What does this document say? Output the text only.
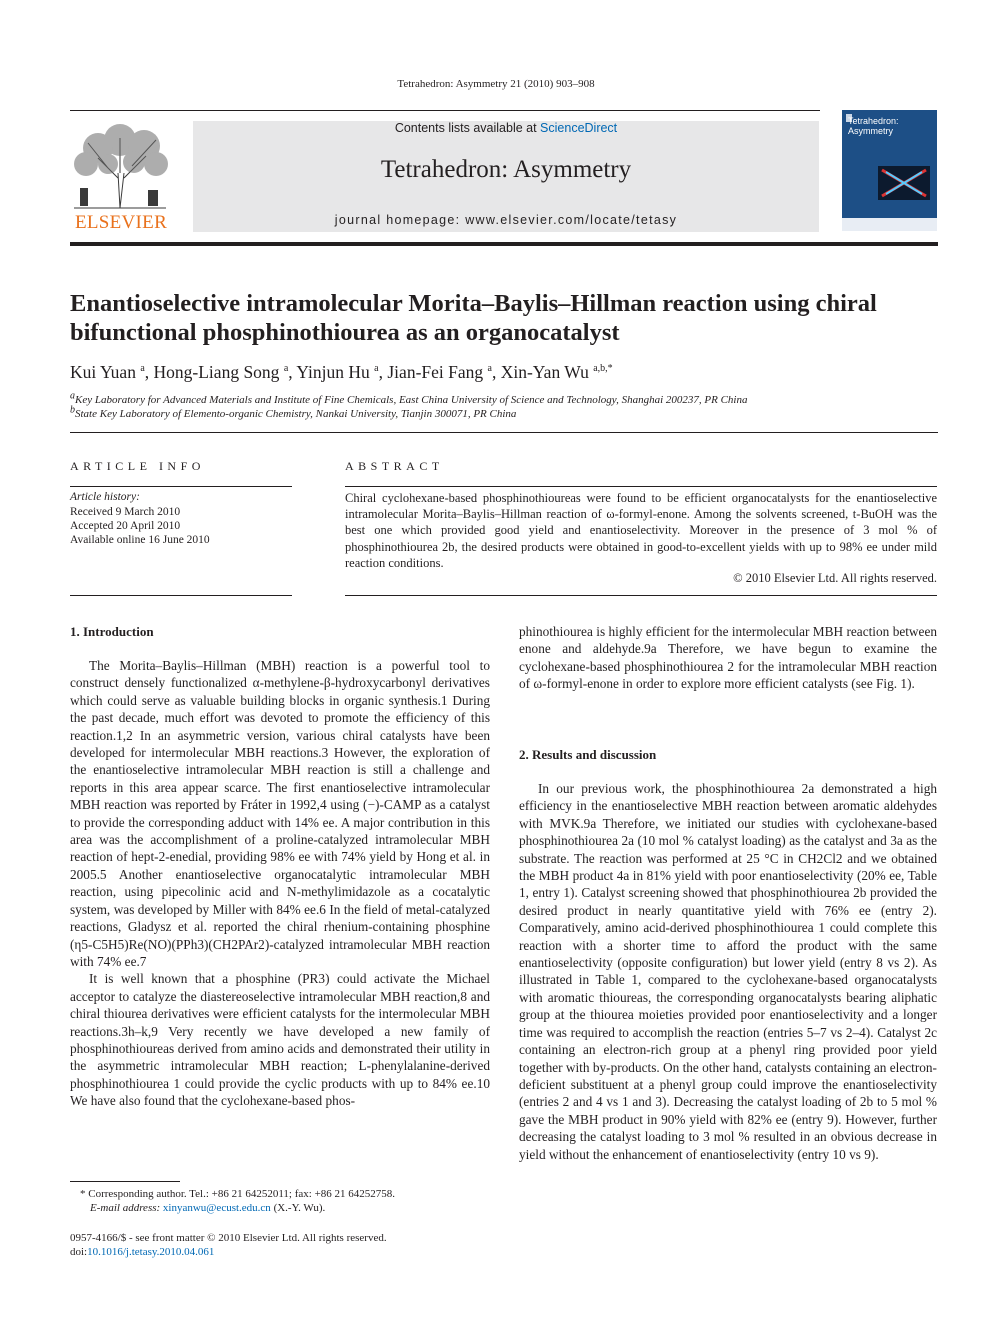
Tetrahedron: Asymmetry 21 (2010) 903–908
ELSEVIER
Contents lists available at ScienceDirect
Tetrahedron: Asymmetry
journal homepage: www.elsevier.com/locate/tetasy
Tetrahedron: Asymmetry
Enantioselective intramolecular Morita–Baylis–Hillman reaction using chiral bifunctional phosphinothiourea as an organocatalyst
Kui Yuan $^a$, Hong-Liang Song $^a$, Yinjun Hu $^a$, Jian-Fei Fang $^a$, Xin-Yan Wu $^{a,b,*}$
$^a$Key Laboratory for Advanced Materials and Institute of Fine Chemicals, East China University of Science and Technology, Shanghai 200237, PR China
$^b$State Key Laboratory of Elemento-organic Chemistry, Nankai University, Tianjin 300071, PR China
ARTICLE INFO
Article history:
Received 9 March 2010
Accepted 20 April 2010
Available online 16 June 2010
ABSTRACT
Chiral cyclohexane-based phosphinothioureas were found to be efficient organocatalysts for the enantioselective intramolecular Morita–Baylis–Hillman reaction of ω-formyl-enone. Among the solvents screened, t-BuOH was the best one which provided good yield and enantioselectivity. Moreover in the presence of 3 mol % of phosphinothiourea 2b, the desired products were obtained in good-to-excellent yields with up to 98% ee under mild reaction conditions.
© 2010 Elsevier Ltd. All rights reserved.
1. Introduction

The Morita–Baylis–Hillman (MBH) reaction is a powerful tool to construct densely functionalized α-methylene-β-hydroxycarbonyl derivatives which could serve as valuable building blocks in organic synthesis.1 During the past decade, much effort was devoted to promote the efficiency of this reaction.1,2 In an asymmetric version, various chiral catalysts have been developed for intermolecular MBH reactions.3 However, the exploration of the enantioselective intramolecular MBH reaction is still a challenge and reports in this area appear scarce. The first enantioselective intramolecular MBH reaction was reported by Fráter in 1992,4 using (−)-CAMP as a catalyst to provide the corresponding adduct with 14% ee. A major contribution in this area was the accomplishment of a proline-catalyzed intramolecular MBH reaction of hept-2-enedial, providing 98% ee with 74% yield by Hong et al. in 2005.5 Another enantioselective organocatalytic intramolecular MBH reaction, using pipecolinic acid and N-methylimidazole as a cocatalytic system, was developed by Miller with 84% ee.6 In the field of metal-catalyzed reactions, Gladysz et al. reported the chiral rhenium-containing phosphine (η5-C5H5)Re(NO)(PPh3)(CH2PAr2)-catalyzed intramolecular MBH reaction with 74% ee.7

It is well known that a phosphine (PR3) could activate the Michael acceptor to catalyze the diastereoselective intramolecular MBH reaction,8 and chiral thiourea derivatives were efficient catalysts for the intermolecular MBH reactions.3h–k,9 Very recently we have developed a new family of phosphinothioureas derived from amino acids and demonstrated their utility in the asymmetric intramolecular MBH reaction; L-phenylalanine-derived phosphinothiourea 1 could provide the cyclic products with up to 84% ee.10 We have also found that the cyclohexane-based phos-

phinothiourea is highly efficient for the intermolecular MBH reaction between enone and aldehyde.9a Therefore, we have begun to examine the cyclohexane-based phosphinothiourea 2 for the intramolecular MBH reaction of ω-formyl-enone in order to explore more efficient catalysts (see Fig. 1).

2. Results and discussion

In our previous work, the phosphinothiourea 2a demonstrated a high efficiency in the enantioselective MBH reaction between aromatic aldehydes with MVK.9a Therefore, we initiated our studies with cyclohexane-based phosphinothiourea 2a (10 mol % catalyst loading) as the catalyst and 3a as the substrate. The reaction was performed at 25 °C in CH2Cl2 and we obtained the MBH product 4a in 81% yield with poor enantioselectivity (20% ee, Table 1, entry 1). Catalyst screening showed that phosphinothiourea 2b provided the desired product in nearly quantitative yield with 76% ee (entry 2). Comparatively, amino acid-derived phosphinothiourea 1 could complete this reaction with a shorter time to afford the product with the same enantioselectivity (opposite configuration) but lower yield (entry 8 vs 2). As illustrated in Table 1, compared to the cyclohexane-based organocatalysts with aromatic thioureas, the corresponding organocatalysts bearing aliphatic group at the thiourea moieties provided poor enantioselectivity and a longer time was required to accomplish the reaction (entries 5–7 vs 2–4). Catalyst 2c containing an electron-rich group at a phenyl ring provided poor yield together with by-products. On the other hand, catalysts containing an electron-deficient substituent at a phenyl group could improve the enantioselectivity (entries 2 and 4 vs 1 and 3). Decreasing the catalyst loading of 2b to 5 mol % gave the MBH product in 90% yield with 82% ee (entry 9). However, further decreasing the catalyst loading to 3 mol % resulted in an obvious decrease in yield without the enhancement of enantioselectivity (entry 10 vs 9).

* Corresponding author. Tel.: +86 21 64252011; fax: +86 21 64252758.
E-mail address: xinyanwu@ecust.edu.cn (X.-Y. Wu).
0957-4166/$ - see front matter © 2010 Elsevier Ltd. All rights reserved.
doi:10.1016/j.tetasy.2010.04.061
